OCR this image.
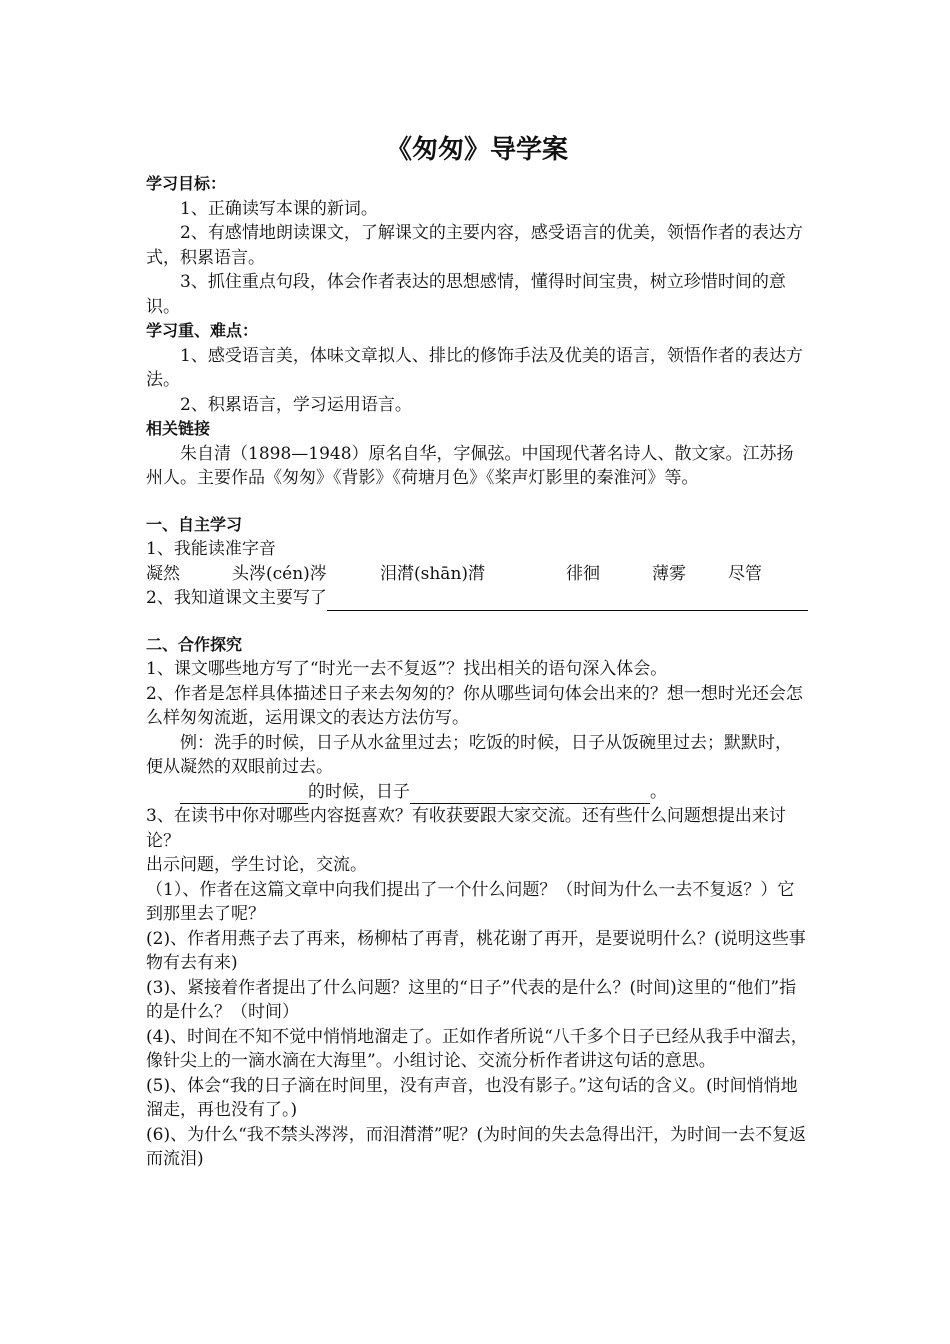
《匆匆》导学案
学习目标：
1、正确读写本课的新词。
2、有感情地朗读课文，了解课文的主要内容，感受语言的优美，领悟作者的表达方式，积累语言。
3、抓住重点句段，体会作者表达的思想感情，懂得时间宝贵，树立珍惜时间的意识。
学习重、难点：
1、感受语言美，体味文章拟人、排比的修饰手法及优美的语言，领悟作者的表达方法。
2、积累语言，学习运用语言。
相关链接
朱自清（1898—1948）原名自华，字佩弦。中国现代著名诗人、散文家。江苏扬州人。主要作品《匆匆》《背影》《荷塘月色》《桨声灯影里的秦淮河》等。
一、自主学习
1、我能读准字音
凝然	头涔(cén)涔	泪潸(shān)潸	徘徊	薄雾	尽管
2、我知道课文主要写了
二、合作探究
1、课文哪些地方写了“时光一去不复返”？找出相关的语句深入体会。
2、作者是怎样具体描述日子来去匆匆的？你从哪些词句体会出来的？想一想时光还会怎么样匆匆流逝，运用课文的表达方法仿写。
例：洗手的时候，日子从水盆里过去；吃饭的时候，日子从饭碗里过去；默默时，便从凝然的双眼前过去。
的时候，日子	。
3、在读书中你对哪些内容挺喜欢？有收获要跟大家交流。还有些什么问题想提出来讨论？
出示问题，学生讨论，交流。
（1）、作者在这篇文章中向我们提出了一个什么问题？（时间为什么一去不复返？）它到那里去了呢？
(2)、作者用燕子去了再来，杨柳枯了再青，桃花谢了再开，是要说明什么？(说明这些事物有去有来)
(3)、紧接着作者提出了什么问题？这里的“日子”代表的是什么？(时间)这里的“他们”指的是什么？（时间）
(4)、时间在不知不觉中悄悄地溜走了。正如作者所说“八千多个日子已经从我手中溜去，像针尖上的一滴水滴在大海里”。小组讨论、交流分析作者讲这句话的意思。
(5)、体会“我的日子滴在时间里，没有声音，也没有影子。”这句话的含义。(时间悄悄地溜走，再也没有了。)
(6)、为什么“我不禁头涔涔，而泪潸潸”呢？(为时间的失去急得出汗，为时间一去不复返而流泪)
